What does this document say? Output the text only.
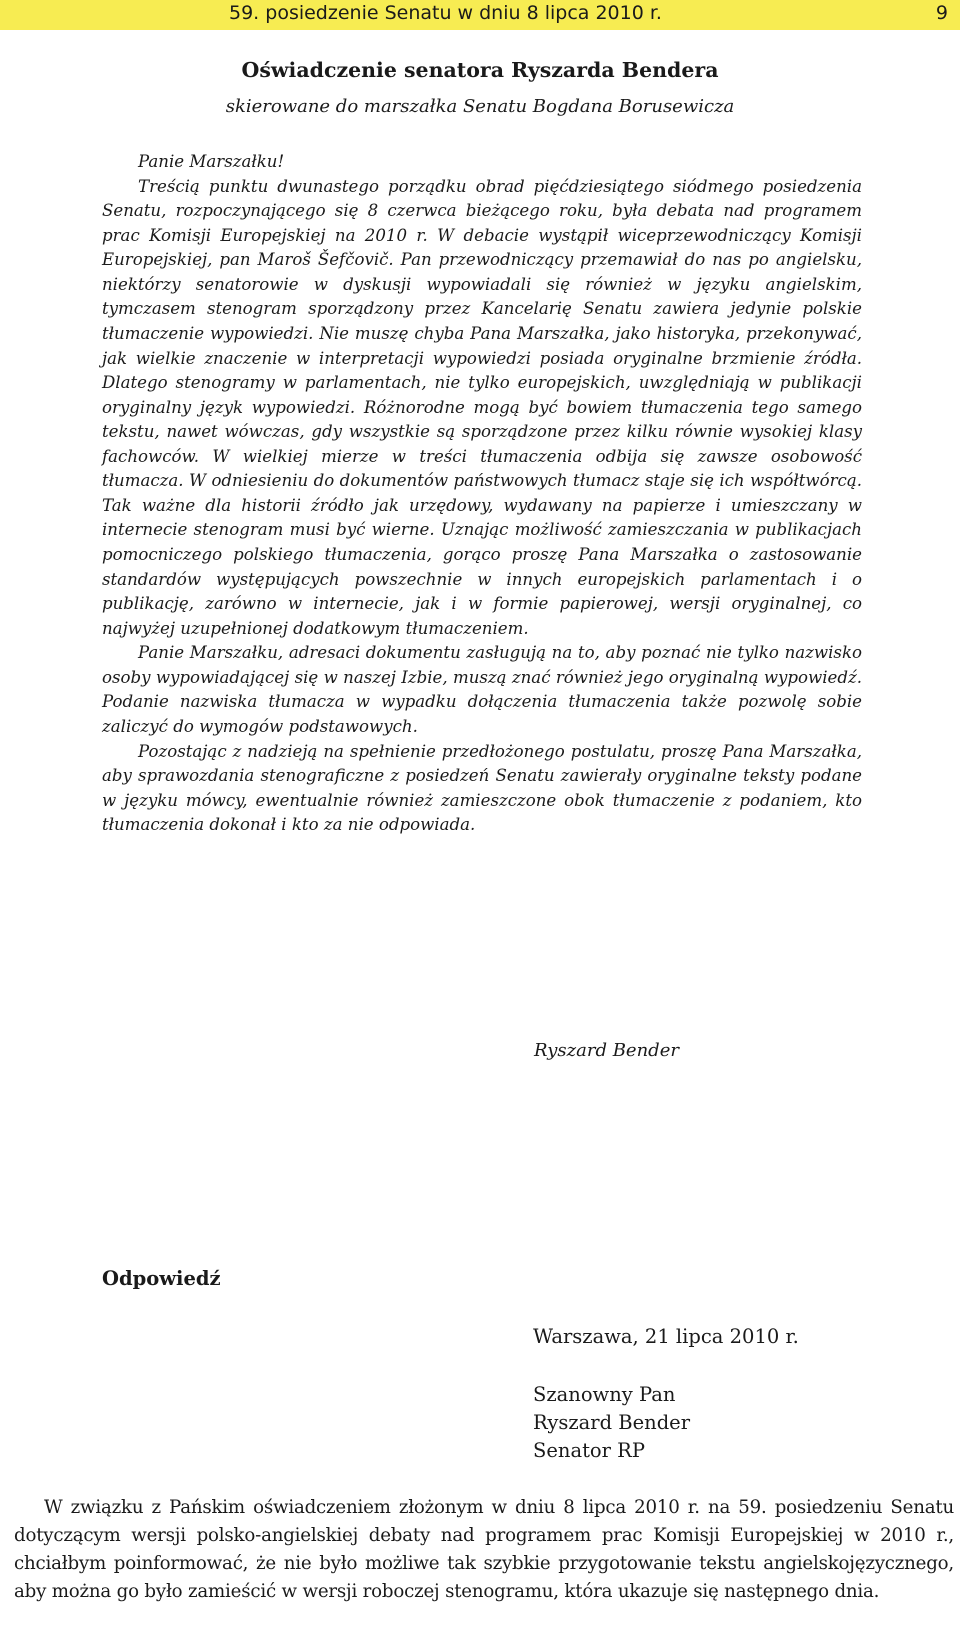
59. posiedzenie Senatu w dniu 8 lipca 2010 r.	9
Oświadczenie senatora Ryszarda Bendera
skierowane do marszałka Senatu Bogdana Borusewicza

Panie Marszałku!

Treścią punktu dwunastego porządku obrad pięćdziesiątego siódmego posiedzenia Senatu, rozpoczynającego się 8 czerwca bieżącego roku, była debata nad programem prac Komisji Europejskiej na 2010 r. W debacie wystąpił wiceprzewodniczący Komisji Europejskiej, pan Maroš Šefčovič. Pan przewodniczący przemawiał do nas po angielsku, niektórzy senatorowie w dyskusji wypowiadali się również w języku angielskim, tymczasem stenogram sporządzony przez Kancelarię Senatu zawiera jedynie polskie tłumaczenie wypowiedzi. Nie muszę chyba Pana Marszałka, jako historyka, przekonywać, jak wielkie znaczenie w interpretacji wypowiedzi posiada oryginalne brzmienie źródła. Dlatego stenogramy w parlamentach, nie tylko europejskich, uwzględniają w publikacji oryginalny język wypowiedzi. Różnorodne mogą być bowiem tłumaczenia tego samego tekstu, nawet wówczas, gdy wszystkie są sporządzone przez kilku równie wysokiej klasy fachowców. W wielkiej mierze w treści tłumaczenia odbija się zawsze osobowość tłumacza. W odniesieniu do dokumentów państwowych tłumacz staje się ich współtwórcą. Tak ważne dla historii źródło jak urzędowy, wydawany na papierze i umieszczany w internecie stenogram musi być wierne. Uznając możliwość zamieszczania w publikacjach pomocniczego polskiego tłumaczenia, gorąco proszę Pana Marszałka o zastosowanie standardów występujących powszechnie w innych europejskich parlamentach i o publikację, zarówno w internecie, jak i w formie papierowej, wersji oryginalnej, co najwyżej uzupełnionej dodatkowym tłumaczeniem.

Panie Marszałku, adresaci dokumentu zasługują na to, aby poznać nie tylko nazwisko osoby wypowiadającej się w naszej Izbie, muszą znać również jego oryginalną wypowiedź. Podanie nazwiska tłumacza w wypadku dołączenia tłumaczenia także pozwolę sobie zaliczyć do wymogów podstawowych.

Pozostając z nadzieją na spełnienie przedłożonego postulatu, proszę Pana Marszałka, aby sprawozdania stenograficzne z posiedzeń Senatu zawierały oryginalne teksty podane w języku mówcy, ewentualnie również zamieszczone obok tłumaczenie z podaniem, kto tłumaczenia dokonał i kto za nie odpowiada.

Ryszard Bender
Odpowiedź
Warszawa, 21 lipca 2010 r.
Szanowny Pan
Ryszard Bender
Senator RP

W związku z Pańskim oświadczeniem złożonym w dniu 8 lipca 2010 r. na 59. posiedzeniu Senatu dotyczącym wersji polsko-angielskiej debaty nad programem prac Komisji Europejskiej w 2010 r., chciałbym poinformować, że nie było możliwe tak szybkie przygotowanie tekstu angielskojęzycznego, aby można go było zamieścić w wersji roboczej stenogramu, która ukazuje się następnego dnia.
